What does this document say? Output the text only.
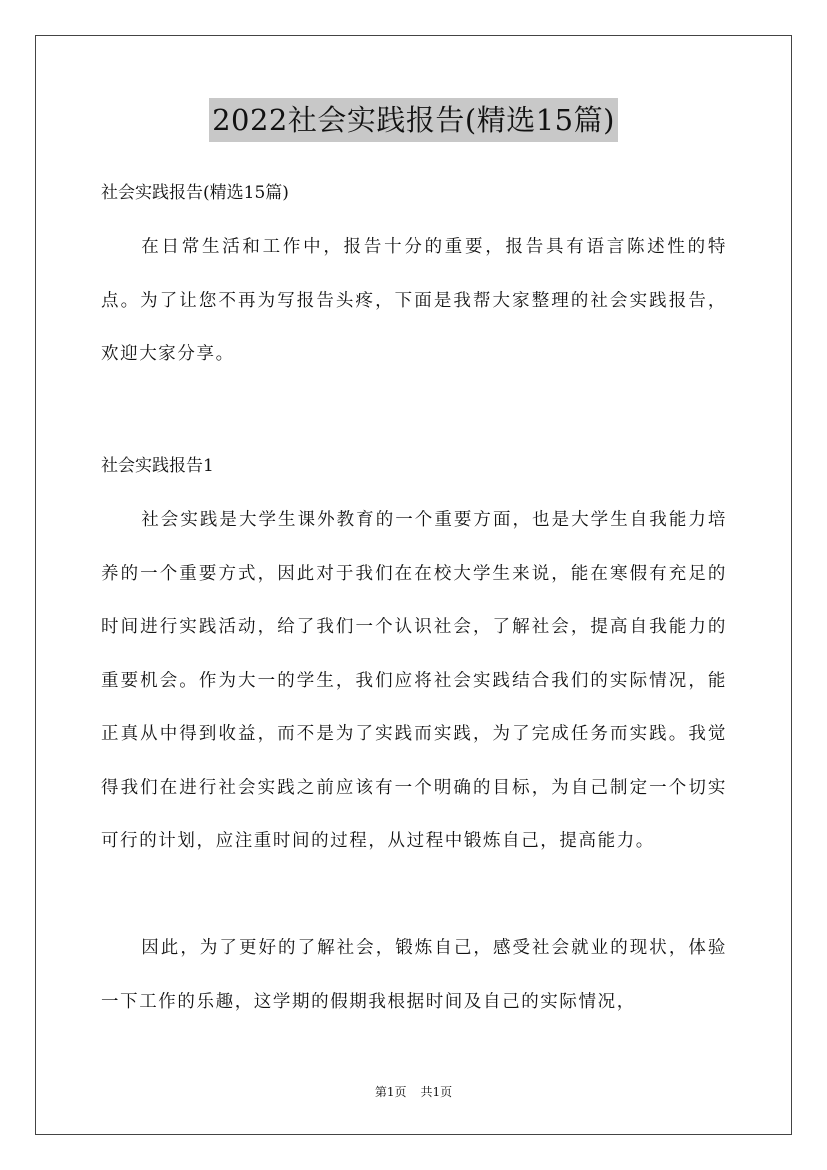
2022社会实践报告(精选15篇)

社会实践报告(精选15篇)

在日常生活和工作中，报告十分的重要，报告具有语言陈述性的特点。为了让您不再为写报告头疼，下面是我帮大家整理的社会实践报告，欢迎大家分享。

社会实践报告1

社会实践是大学生课外教育的一个重要方面，也是大学生自我能力培养的一个重要方式，因此对于我们在在校大学生来说，能在寒假有充足的时间进行实践活动，给了我们一个认识社会，了解社会，提高自我能力的重要机会。作为大一的学生，我们应将社会实践结合我们的实际情况，能正真从中得到收益，而不是为了实践而实践，为了完成任务而实践。我觉得我们在进行社会实践之前应该有一个明确的目标，为自己制定一个切实可行的计划，应注重时间的过程，从过程中锻炼自己，提高能力。

因此，为了更好的了解社会，锻炼自己，感受社会就业的现状，体验一下工作的乐趣，这学期的假期我根据时间及自己的实际情况，

第1页 共1页
